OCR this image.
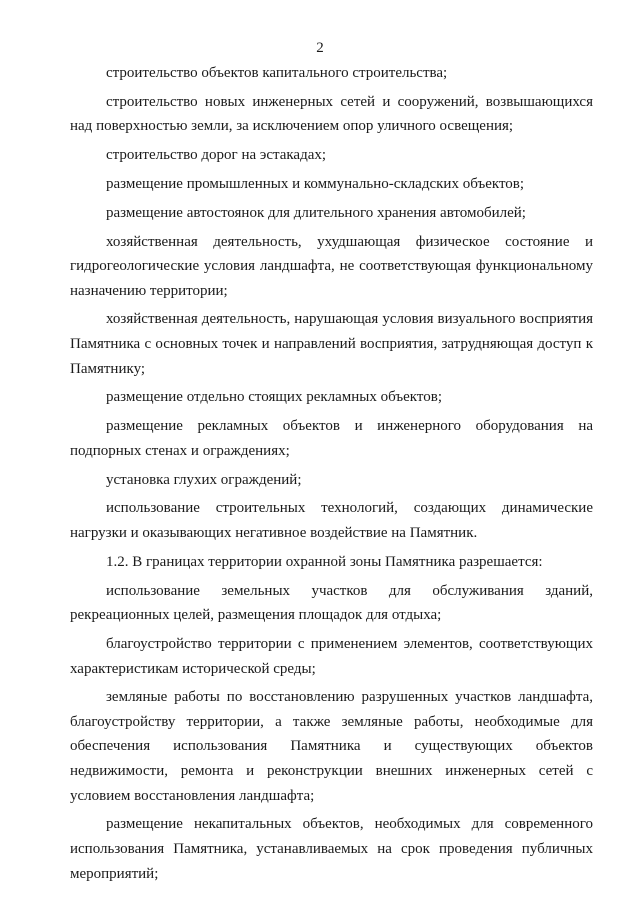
2

строительство объектов капитального строительства;

строительство новых инженерных сетей и сооружений, возвышающихся над поверхностью земли, за исключением опор уличного освещения;

строительство дорог на эстакадах;

размещение промышленных и коммунально-складских объектов;

размещение автостоянок для длительного хранения автомобилей;

хозяйственная деятельность, ухудшающая физическое состояние и гидрогеологические условия ландшафта, не соответствующая функциональному назначению территории;

хозяйственная деятельность, нарушающая условия визуального восприятия Памятника с основных точек и направлений восприятия, затрудняющая доступ к Памятнику;

размещение отдельно стоящих рекламных объектов;

размещение рекламных объектов и инженерного оборудования на подпорных стенах и ограждениях;

установка глухих ограждений;

использование строительных технологий, создающих динамические нагрузки и оказывающих негативное воздействие на Памятник.

1.2. В границах территории охранной зоны Памятника разрешается:

использование земельных участков для обслуживания зданий, рекреационных целей, размещения площадок для отдыха;

благоустройство территории с применением элементов, соответствующих характеристикам исторической среды;

земляные работы по восстановлению разрушенных участков ландшафта, благоустройству территории, а также земляные работы, необходимые для обеспечения использования Памятника и существующих объектов недвижимости, ремонта и реконструкции внешних инженерных сетей с условием восстановления ландшафта;

размещение некапитальных объектов, необходимых для современного использования Памятника, устанавливаемых на срок проведения публичных мероприятий;
